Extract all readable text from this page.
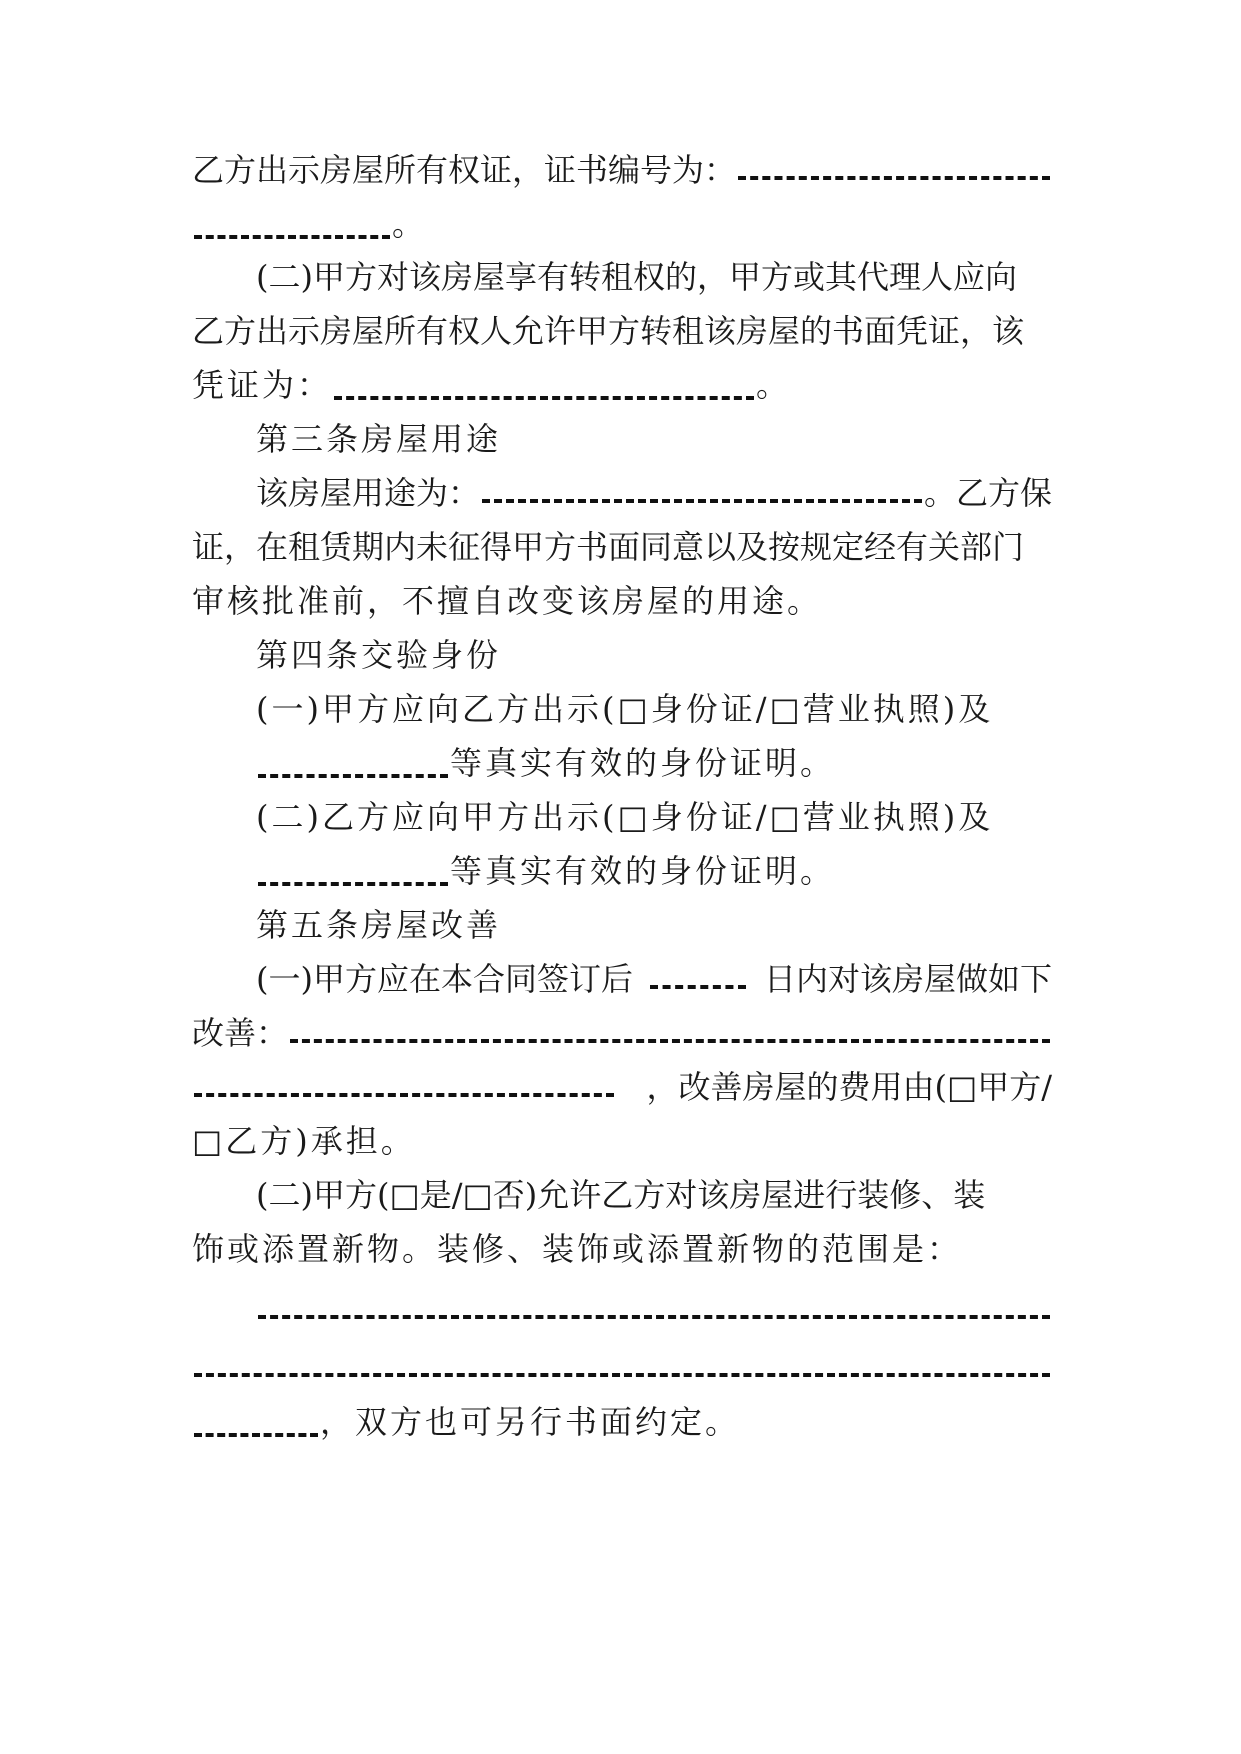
乙方出示房屋所有权证，证书编号为：
。
(二)甲方对该房屋享有转租权的，甲方或其代理人应向
乙方出示房屋所有权人允许甲方转租该房屋的书面凭证，该
凭证为：	。
第三条房屋用途
该房屋用途为：	。乙方保
证，在租赁期内未征得甲方书面同意以及按规定经有关部门
审核批准前，不擅自改变该房屋的用途。
第四条交验身份
(一)甲方应向乙方出示(□身份证/□营业执照)及
等真实有效的身份证明。
(二)乙方应向甲方出示(□身份证/□营业执照)及
等真实有效的身份证明。
第五条房屋改善
(一)甲方应在本合同签订后	日内对该房屋做如下
改善：
，改善房屋的费用由(□甲方/
□乙方)承担。
(二)甲方(□是/□否)允许乙方对该房屋进行装修、装
饰或添置新物。装修、装饰或添置新物的范围是：
，双方也可另行书面约定。
